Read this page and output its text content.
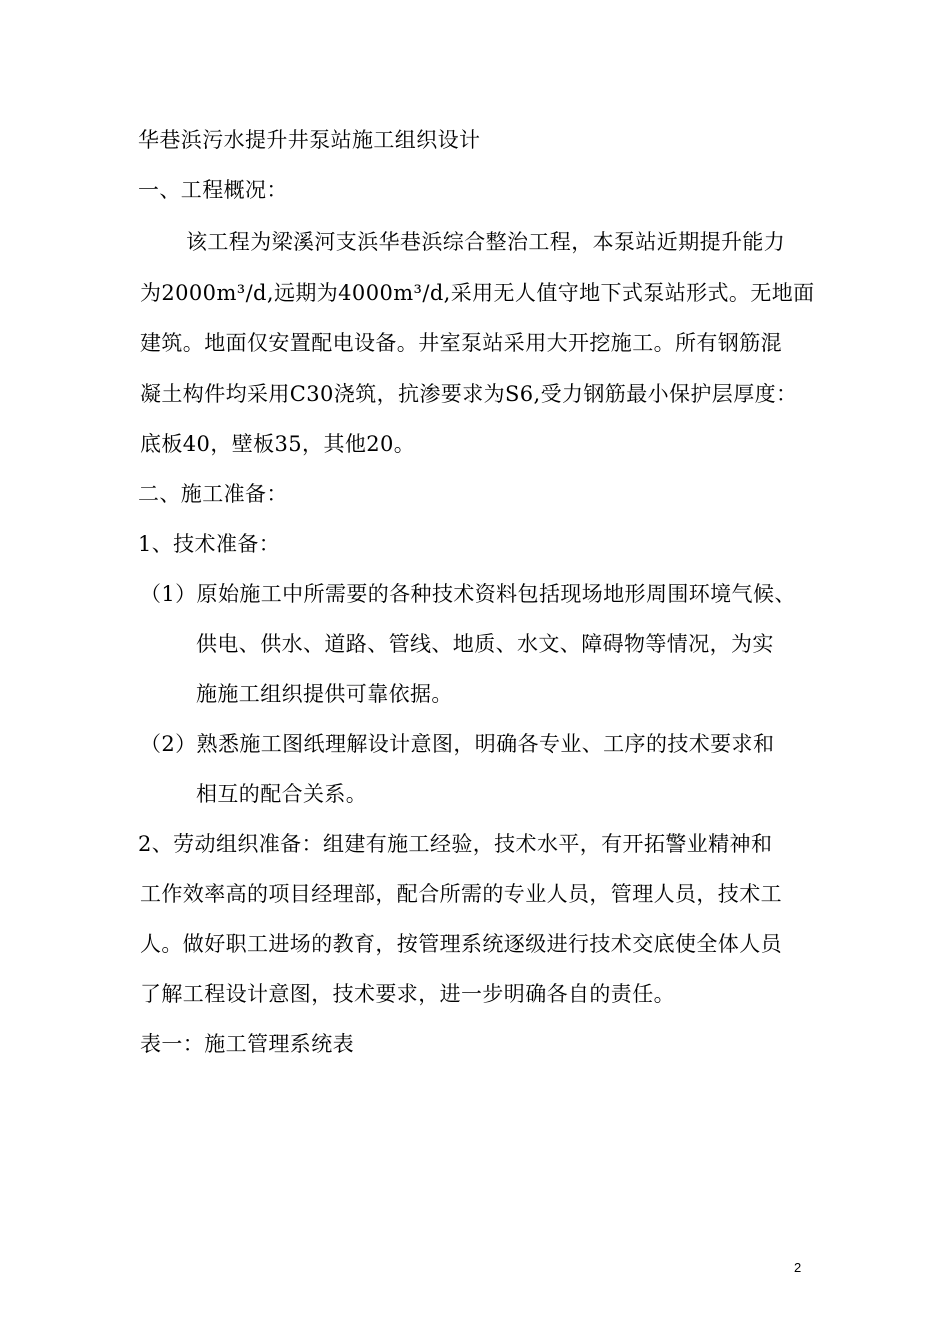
华巷浜污水提升井泵站施工组织设计
一、工程概况：
该工程为梁溪河支浜华巷浜综合整治工程，本泵站近期提升能力
为2000m³/d,远期为4000m³/d,采用无人值守地下式泵站形式。无地面
建筑。地面仅安置配电设备。井室泵站采用大开挖施工。所有钢筋混
凝土构件均采用C30浇筑，抗渗要求为S6,受力钢筋最小保护层厚度：
底板40，壁板35，其他20。
二、施工准备：
1、技术准备：
（1）原始施工中所需要的各种技术资料包括现场地形周围环境气候、
供电、供水、道路、管线、地质、水文、障碍物等情况，为实
施施工组织提供可靠依据。
（2）熟悉施工图纸理解设计意图，明确各专业、工序的技术要求和
相互的配合关系。
2、劳动组织准备：组建有施工经验，技术水平，有开拓警业精神和
工作效率高的项目经理部，配合所需的专业人员，管理人员，技术工
人。做好职工进场的教育，按管理系统逐级进行技术交底使全体人员
了解工程设计意图，技术要求，进一步明确各自的责任。
表一：施工管理系统表
2
